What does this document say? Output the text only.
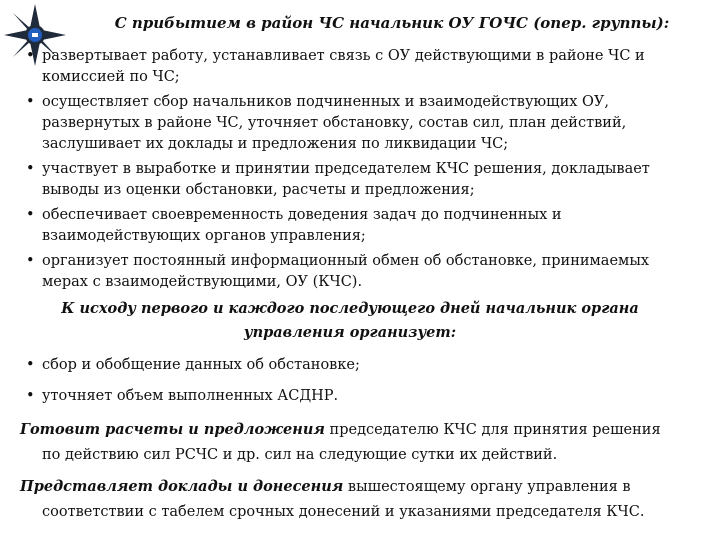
С прибытием в район ЧС начальник ОУ ГОЧС (опер. группы):
• развертывает работу, устанавливает связь с ОУ действующими в районе ЧС и комиссией по ЧС;
• осуществляет сбор начальников подчиненных и взаимодействующих ОУ, развернутых в районе ЧС, уточняет обстановку, состав сил, план действий, заслушивает их доклады и предложения по ликвидации ЧС;
• участвует в выработке и принятии председателем КЧС решения, докладывает выводы из оценки обстановки, расчеты и предложения;
• обеспечивает своевременность доведения задач до подчиненных и взаимодействующих органов управления;
• организует постоянный информационный обмен об обстановке, принимаемых мерах с взаимодействующими, ОУ (КЧС).
К исходу первого и каждого последующего дней начальник органа управления организует:
• сбор и обобщение данных об обстановке;
• уточняет объем выполненных АСДНР.
Готовит расчеты и предложения председателю КЧС для принятия решения по действию сил РСЧС и др. сил на следующие сутки их действий.
Представляет доклады и донесения вышестоящему органу управления в соответствии с табелем срочных донесений и указаниями председателя КЧС.
